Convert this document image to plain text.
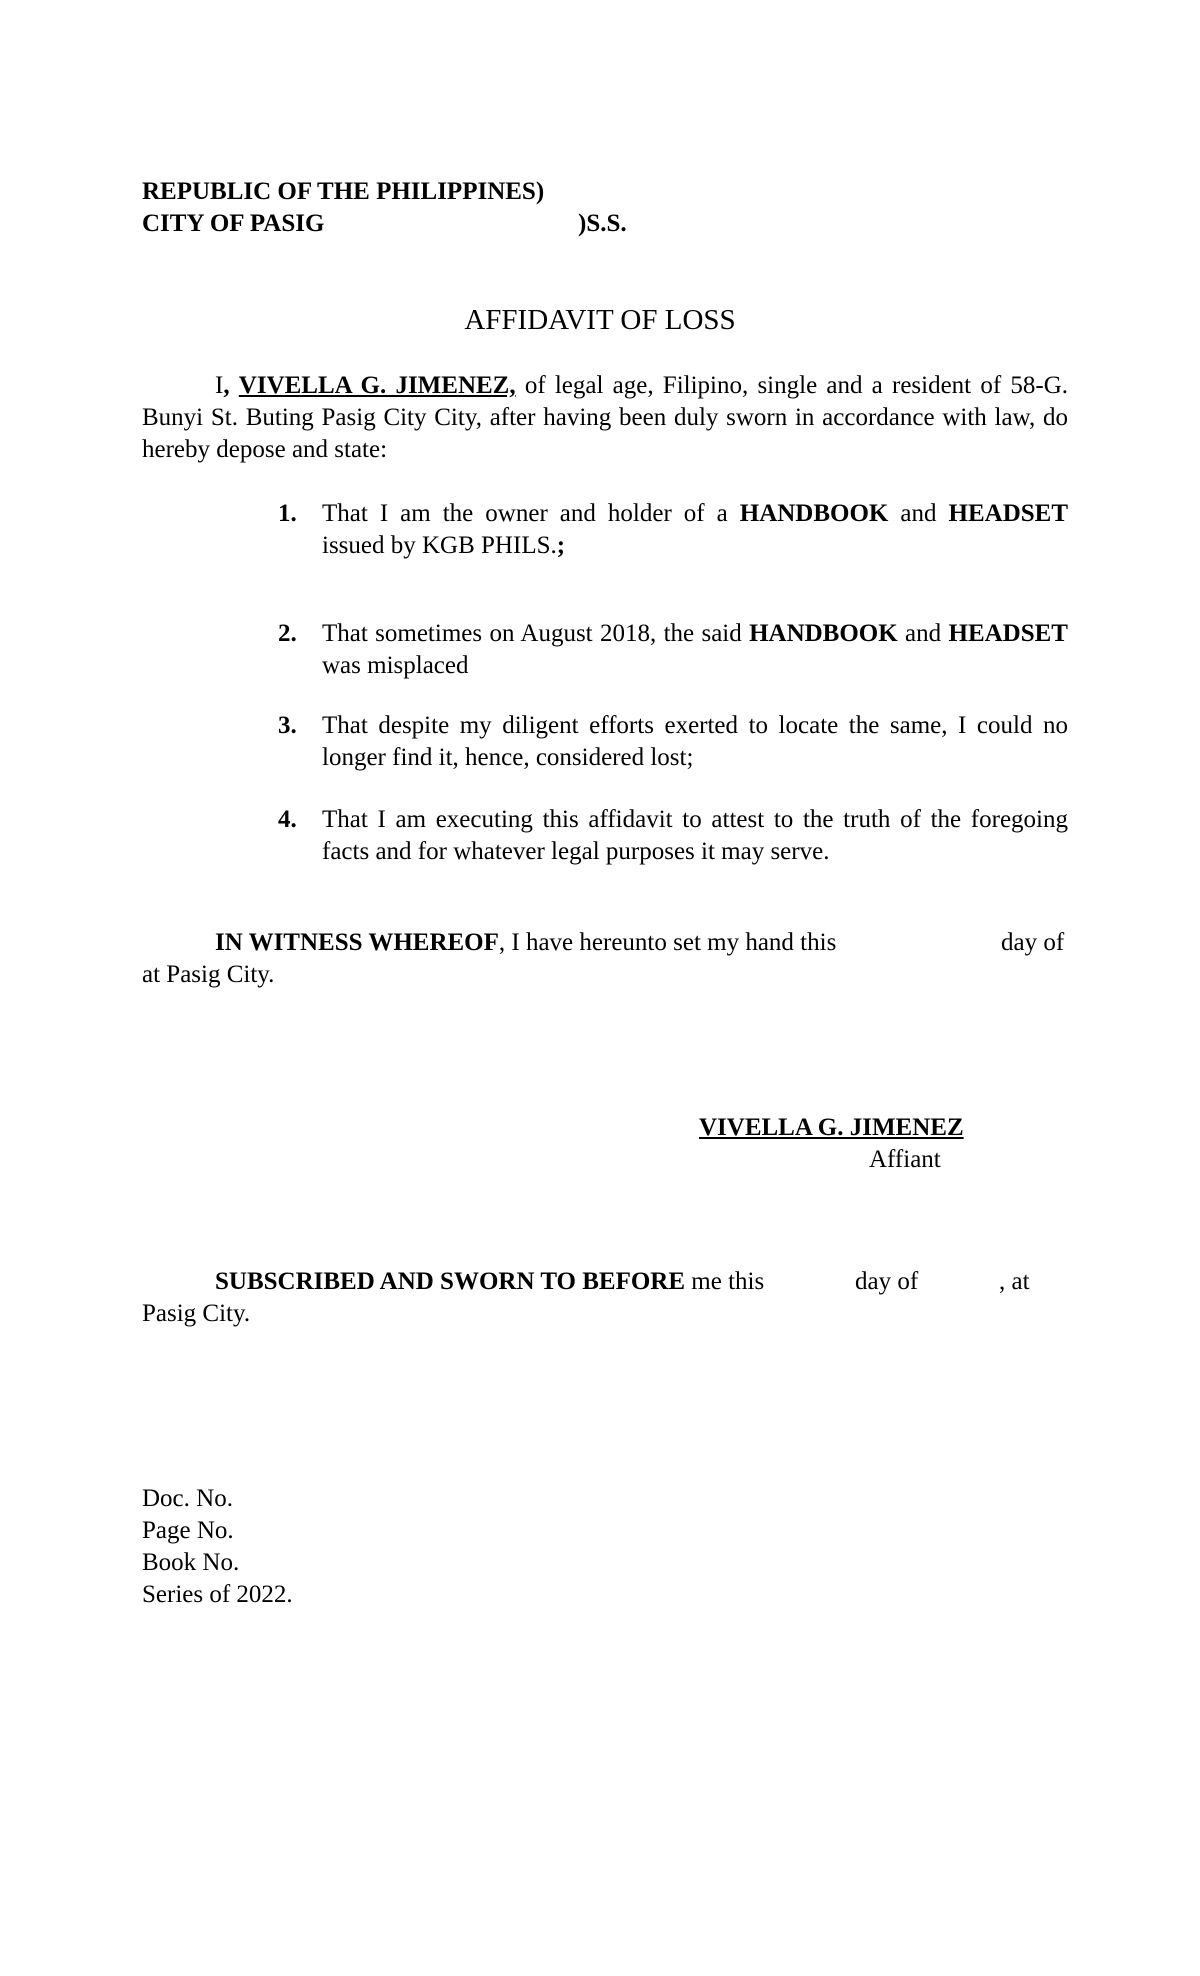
REPUBLIC OF THE PHILIPPINES)
CITY OF PASIG	)S.S.
AFFIDAVIT OF LOSS
I, VIVELLA G. JIMENEZ, of legal age, Filipino, single and a resident of 58-G. Bunyi St. Buting Pasig City City, after having been duly sworn in accordance with law, do hereby depose and state:
1. That I am the owner and holder of a HANDBOOK and HEADSET issued by KGB PHILS.;
2. That sometimes on August 2018, the said HANDBOOK and HEADSET was misplaced
3. That despite my diligent efforts exerted to locate the same, I could no longer find it, hence, considered lost;
4. That I am executing this affidavit to attest to the truth of the foregoing facts and for whatever legal purposes it may serve.
IN WITNESS WHEREOF, I have hereunto set my hand this	day of
at Pasig City.
VIVELLA G. JIMENEZ
Affiant
SUBSCRIBED AND SWORN TO BEFORE me this	day of	, at
Pasig City.
Doc. No.
Page No.
Book No.
Series of 2022.
